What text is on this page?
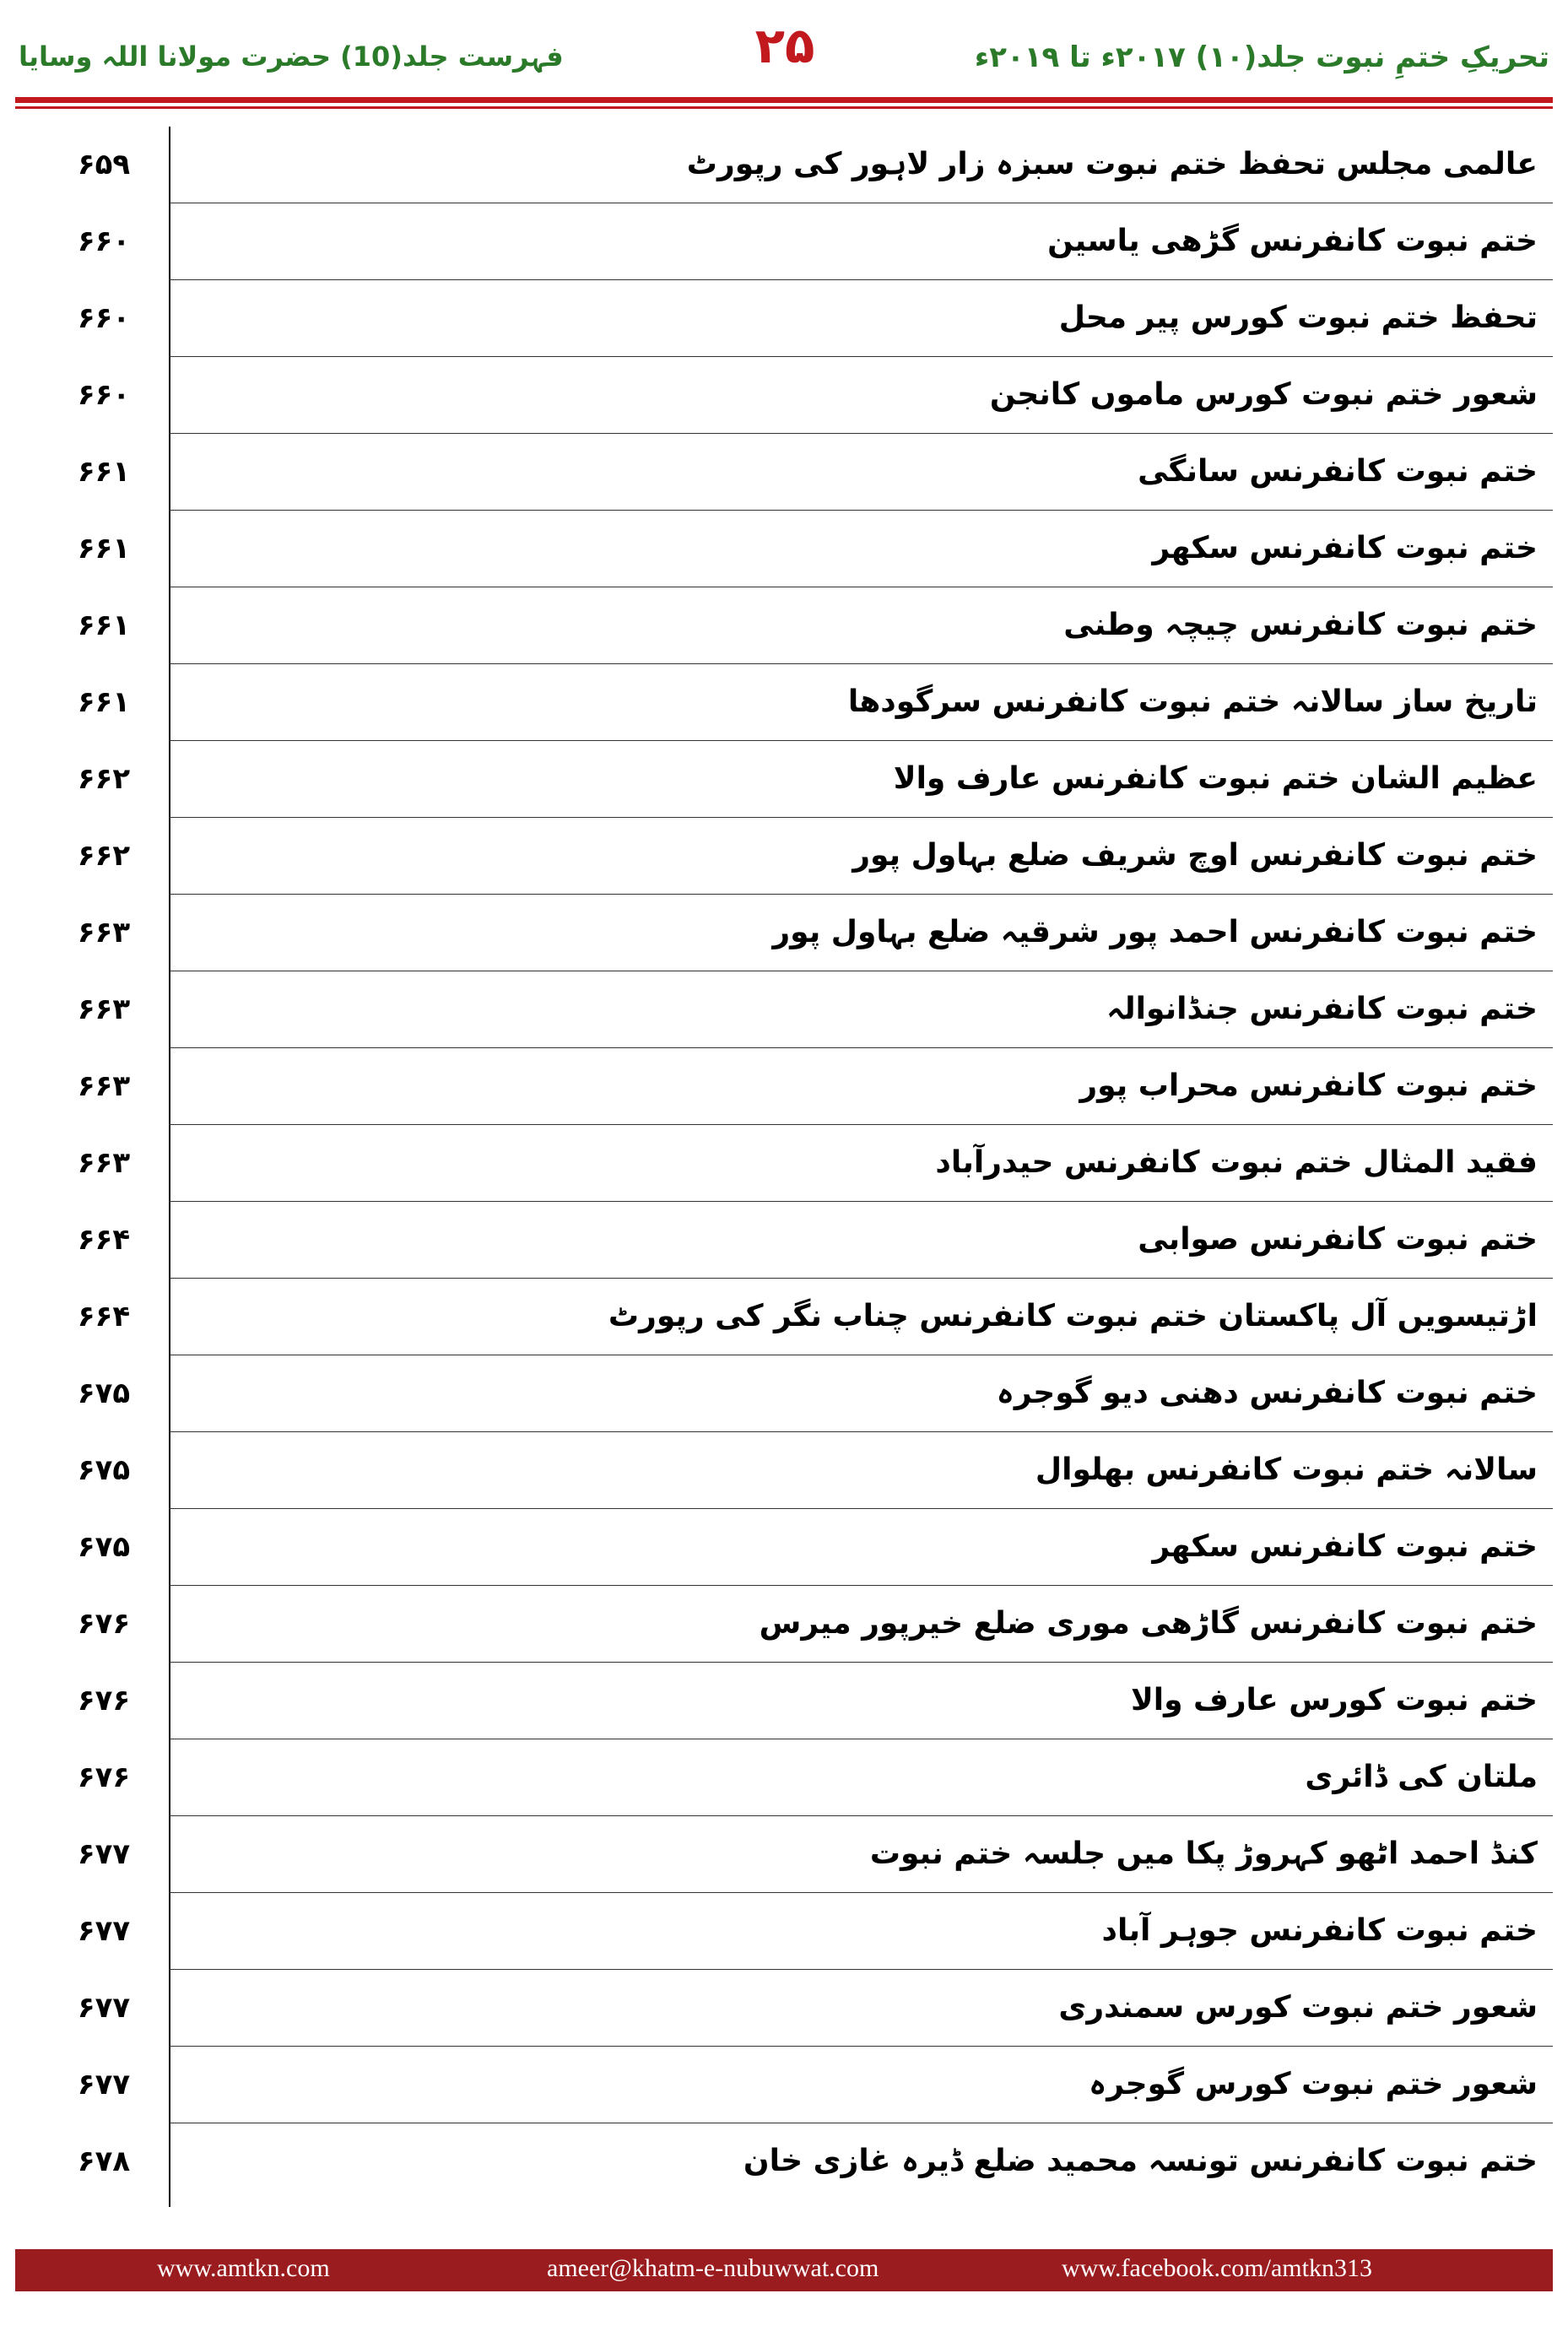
تحریکِ ختمِ نبوت جلد(۱۰) ۲۰۱۷ء تا ۲۰۱۹ء
۲۵
فہرست جلد(10) حضرت مولانا اللہ وسایا
عالمی مجلس تحفظ ختم نبوت سبزہ زار لاہور کی رپورٹ
۶۵۹
ختم نبوت کانفرنس گڑھی یاسین
۶۶۰
تحفظ ختم نبوت کورس پیر محل
۶۶۰
شعور ختم نبوت کورس ماموں کانجن
۶۶۰
ختم نبوت کانفرنس سانگی
۶۶۱
ختم نبوت کانفرنس سکھر
۶۶۱
ختم نبوت کانفرنس چیچہ وطنی
۶۶۱
تاریخ ساز سالانہ ختم نبوت کانفرنس سرگودھا
۶۶۱
عظیم الشان ختم نبوت کانفرنس عارف والا
۶۶۲
ختم نبوت کانفرنس اوچ شریف ضلع بہاول پور
۶۶۲
ختم نبوت کانفرنس احمد پور شرقیہ ضلع بہاول پور
۶۶۳
ختم نبوت کانفرنس جنڈانوالہ
۶۶۳
ختم نبوت کانفرنس محراب پور
۶۶۳
فقید المثال ختم نبوت کانفرنس حیدرآباد
۶۶۳
ختم نبوت کانفرنس صوابی
۶۶۴
اڑتیسویں آل پاکستان ختم نبوت کانفرنس چناب نگر کی رپورٹ
۶۶۴
ختم نبوت کانفرنس دھنی دیو گوجرہ
۶۷۵
سالانہ ختم نبوت کانفرنس بھلوال
۶۷۵
ختم نبوت کانفرنس سکھر
۶۷۵
ختم نبوت کانفرنس گاڑھی موری ضلع خیرپور میرس
۶۷۶
ختم نبوت کورس عارف والا
۶۷۶
ملتان کی ڈائری
۶۷۶
کنڈ احمد اٹھو کہروڑ پکا میں جلسہ ختم نبوت
۶۷۷
ختم نبوت کانفرنس جوہر آباد
۶۷۷
شعور ختم نبوت کورس سمندری
۶۷۷
شعور ختم نبوت کورس گوجرہ
۶۷۷
ختم نبوت کانفرنس تونسہ محمید ضلع ڈیرہ غازی خان
۶۷۸
www.amtkn.com	ameer@khatm-e-nubuwwat.com	www.facebook.com/amtkn313
